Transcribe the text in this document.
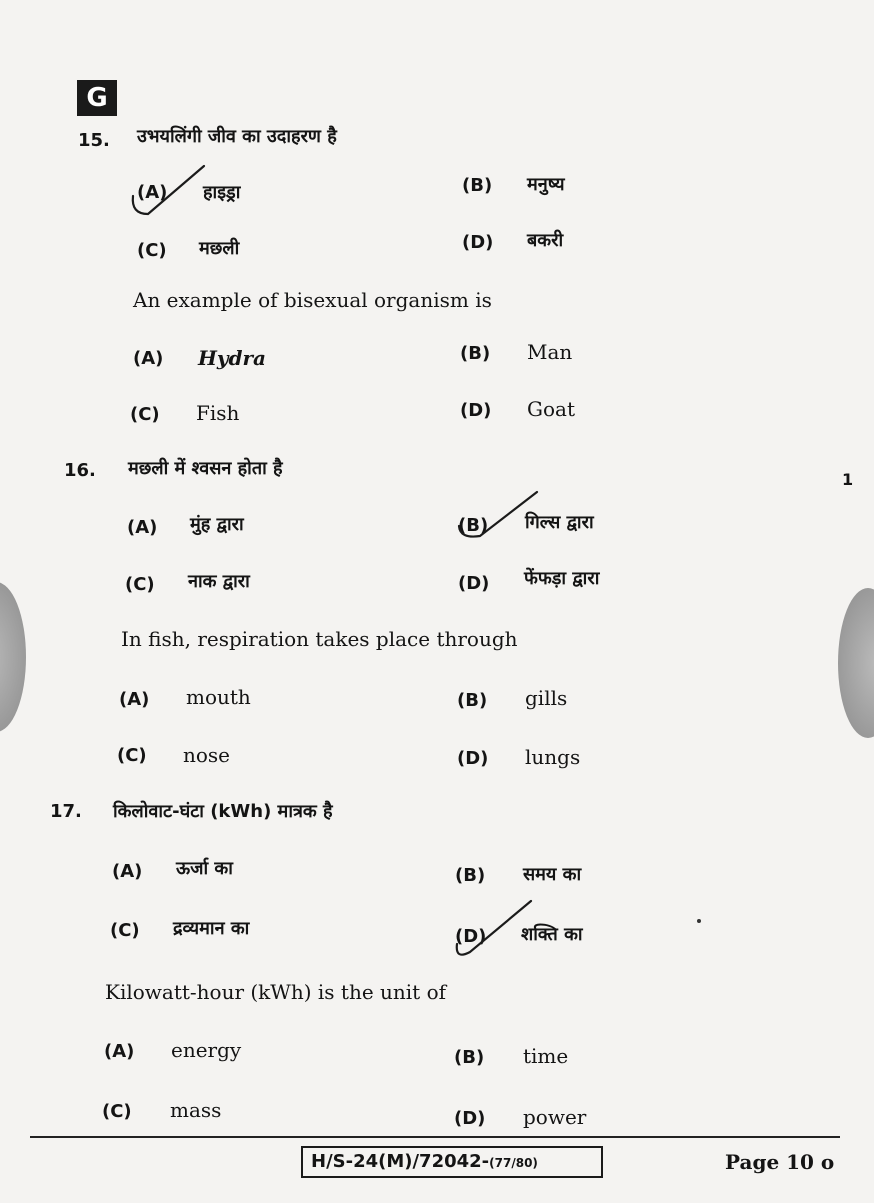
G
15. उभयलिंगी जीव का उदाहरण है
(A) हाइड्रा	(B) मनुष्य
(C) मछली	(D) बकरी
An example of bisexual organism is
(A) Hydra	(B) Man
(C) Fish	(D) Goat
16. मछली में श्वसन होता है
(A) मुंह द्वारा	(B) गिल्स द्वारा
(C) नाक द्वारा	(D) फेंफड़ा द्वारा
In fish, respiration takes place through
(A) mouth	(B) gills
(C) nose	(D) lungs
17. किलोवाट-घंटा (kWh) मात्रक है
(A) ऊर्जा का	(B) समय का
(C) द्रव्यमान का	(D) शक्ति का
Kilowatt-hour (kWh) is the unit of
(A) energy	(B) time
(C) mass	(D) power
1
H/S-24(M)/72042-(77/80)	Page 10 o
